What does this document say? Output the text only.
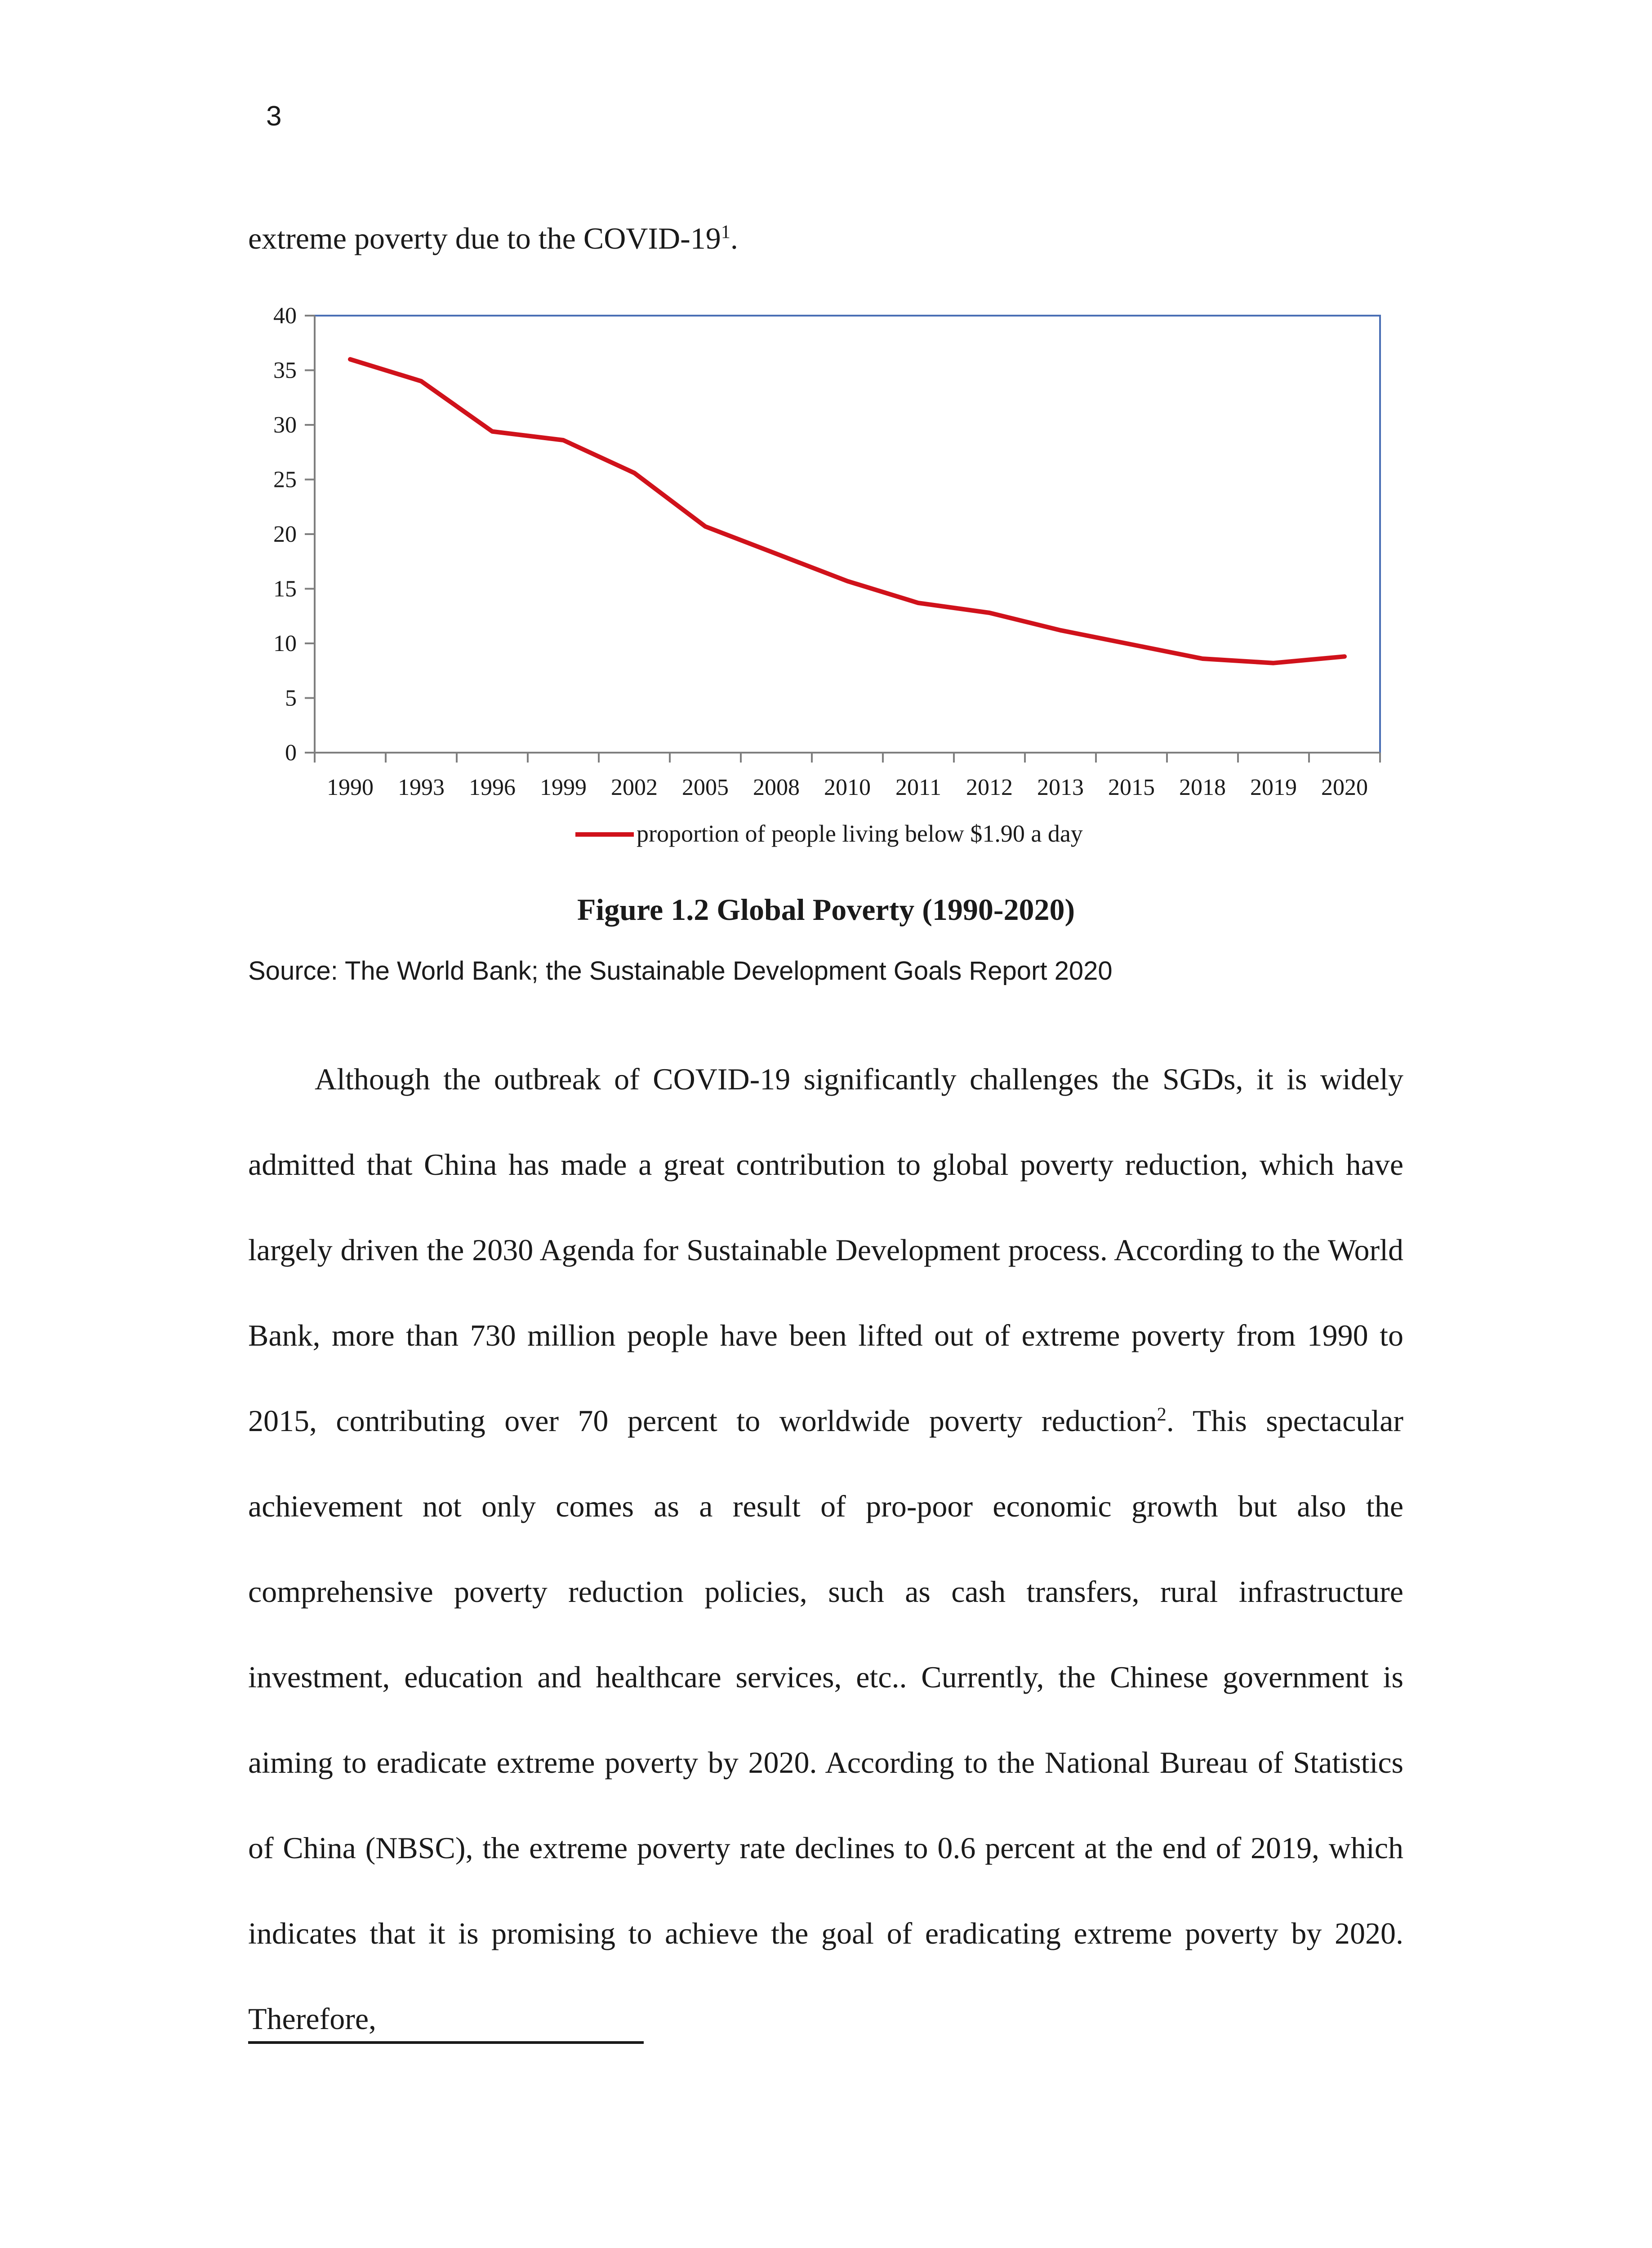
3
extreme poverty due to the COVID-$19^1$.
0
5
10
15
20
25
30
35
40
1990 1993 1996 1999 2002 2005 2008 2010 2011 2012 2013 2015 2018 2019 2020
proportion of people living below $1.90 a day
Figure 1.2 Global Poverty (1990-2020)
Source: The World Bank; the Sustainable Development Goals Report 2020

Although the outbreak of COVID-19 significantly challenges the SGDs, it is widely admitted that China has made a great contribution to global poverty reduction, which have largely driven the 2030 Agenda for Sustainable Development process. According to the World Bank, more than 730 million people have been lifted out of extreme poverty from 1990 to 2015, contributing over 70 percent to worldwide poverty reduction$^2$. This spectacular achievement not only comes as a result of pro-poor economic growth but also the comprehensive poverty reduction policies, such as cash transfers, rural infrastructure investment, education and healthcare services, etc.. Currently, the Chinese government is aiming to eradicate extreme poverty by 2020. According to the National Bureau of Statistics of China (NBSC), the extreme poverty rate declines to 0.6 percent at the end of 2019, which indicates that it is promising to achieve the goal of eradicating extreme poverty by 2020. Therefore,
